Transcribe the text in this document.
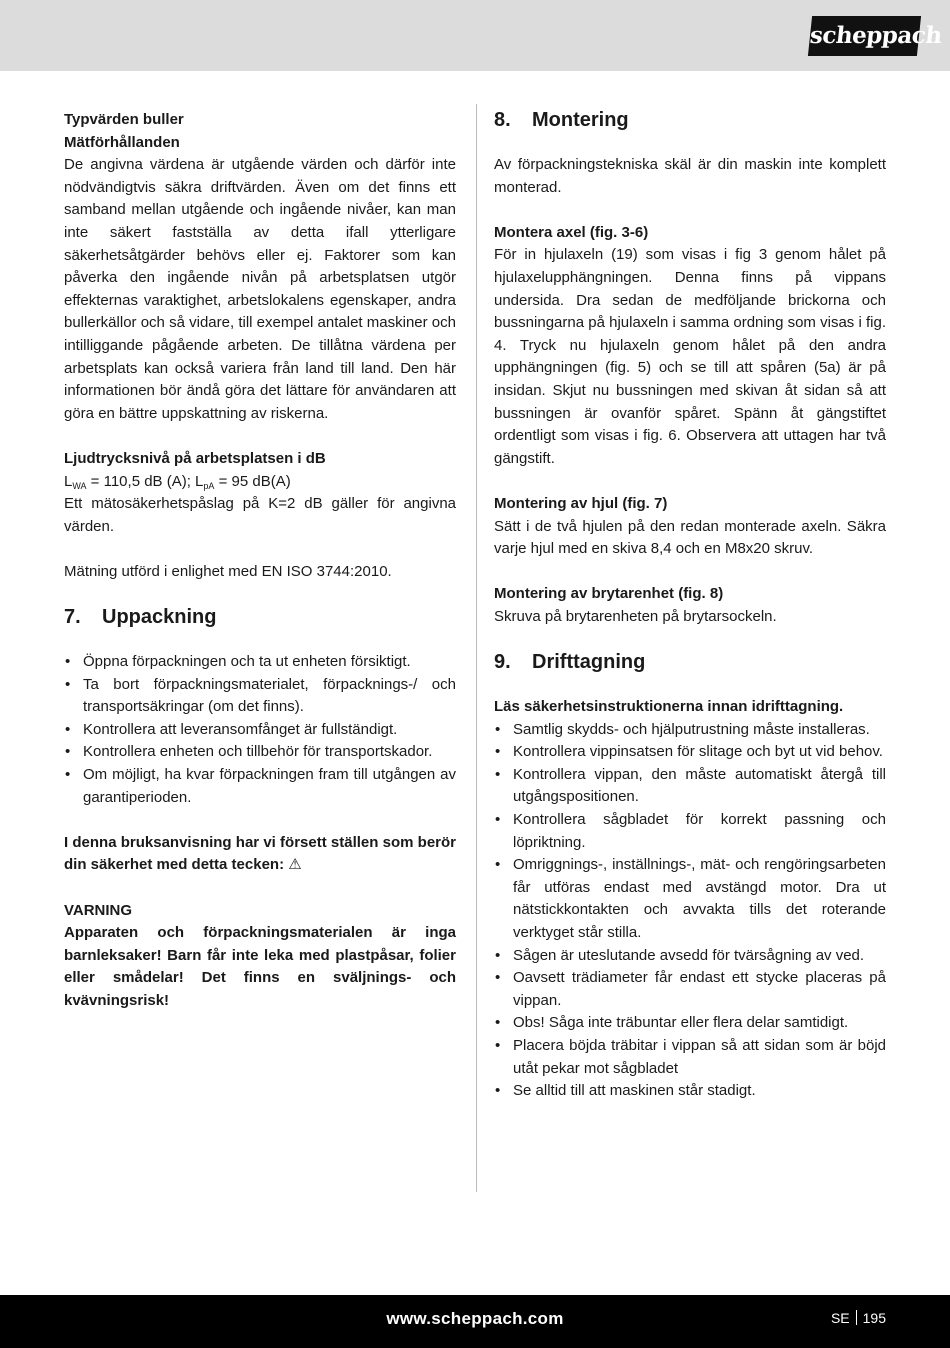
scheppach

Typvärden buller

Mätförhållanden

De angivna värdena är utgående värden och därför inte nödvändigtvis säkra driftvärden. Även om det finns ett samband mellan utgående och ingående nivåer, kan man inte säkert fastställa av detta ifall ytterligare säkerhetsåtgärder behövs eller ej. Faktorer som kan påverka den ingående nivån på arbetsplatsen utgör effekternas varaktighet, arbetslokalens egenskaper, andra bullerkällor och så vidare, till exempel antalet maskiner och intilliggande pågående arbeten. De tillåtna värdena per arbetsplats kan också variera från land till land. Den här informationen bör ändå göra det lättare för användaren att göra en bättre uppskattning av riskerna.

Ljudtrycksnivå på arbetsplatsen i dB

$L_{WA} = 110,5$ dB (A); $L_{pA} = 95$ dB(A)

Ett mätosäkerhetspåslag på K=2 dB gäller för angivna värden.

Mätning utförd i enlighet med EN ISO 3744:2010.

7. Uppackning
• Öppna förpackningen och ta ut enheten försiktigt.
• Ta bort förpackningsmaterialet, förpacknings-/ och transportsäkringar (om det finns).
• Kontrollera att leveransomfånget är fullständigt.
• Kontrollera enheten och tillbehör för transportskador.
• Om möjligt, ha kvar förpackningen fram till utgången av garantiperioden.

I denna bruksanvisning har vi försett ställen som berör din säkerhet med detta tecken: ⚠

VARNING

Apparaten och förpackningsmaterialen är inga barnleksaker! Barn får inte leka med plastpåsar, folier eller smådelar! Det finns en sväljnings- och kvävningsrisk!

8. Montering

Av förpackningstekniska skäl är din maskin inte komplett monterad.

Montera axel (fig. 3-6)

För in hjulaxeln (19) som visas i fig 3 genom hålet på hjulaxelupphängningen. Denna finns på vippans undersida. Dra sedan de medföljande brickorna och bussningarna på hjulaxeln i samma ordning som visas i fig. 4. Tryck nu hjulaxeln genom hålet på den andra upphängningen (fig. 5) och se till att spåren (5a) är på insidan. Skjut nu bussningen med skivan åt sidan så att bussningen är ovanför spåret. Spänn åt gängstiftet ordentligt som visas i fig. 6. Observera att uttagen har två gängstift.

Montering av hjul (fig. 7)

Sätt i de två hjulen på den redan monterade axeln. Säkra varje hjul med en skiva 8,4 och en M8x20 skruv.

Montering av brytarenhet (fig. 8)

Skruva på brytarenheten på brytarsockeln.

9. Drifttagning

Läs säkerhetsinstruktionerna innan idrifttagning.

• Samtlig skydds- och hjälputrustning måste installeras.
• Kontrollera vippinsatsen för slitage och byt ut vid behov.
• Kontrollera vippan, den måste automatiskt återgå till utgångspositionen.
• Kontrollera sågbladet för korrekt passning och löpriktning.
• Omriggnings-, inställnings-, mät- och rengöringsarbeten får utföras endast med avstängd motor. Dra ut nätstickkontakten och avvakta tills det roterande verktyget står stilla.
• Sågen är uteslutande avsedd för tvärsågning av ved.
• Oavsett trädiameter får endast ett stycke placeras på vippan.
• Obs! Såga inte träbuntar eller flera delar samtidigt.
• Placera böjda träbitar i vippan så att sidan som är böjd utåt pekar mot sågbladet
• Se alltid till att maskinen står stadigt.
www.scheppach.com	SE 195
